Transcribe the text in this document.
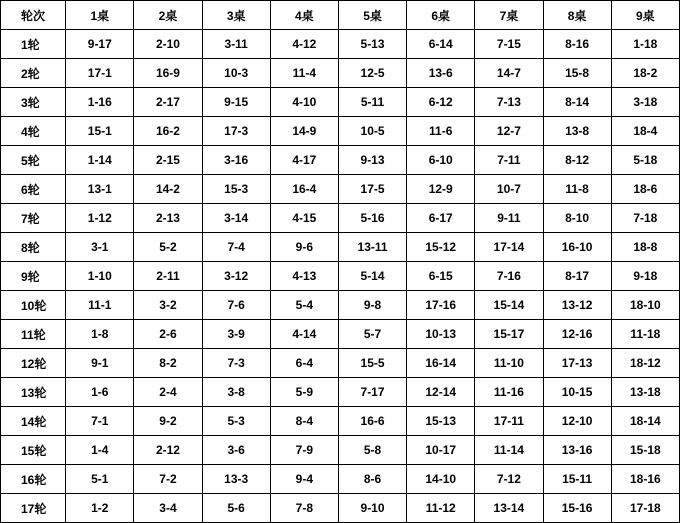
轮次	1桌	2桌	3桌	4桌	5桌	6桌	7桌	8桌	9桌
1轮	9-17	2-10	3-11	4-12	5-13	6-14	7-15	8-16	1-18
2轮	17-1	16-9	10-3	11-4	12-5	13-6	14-7	15-8	18-2
3轮	1-16	2-17	9-15	4-10	5-11	6-12	7-13	8-14	3-18
4轮	15-1	16-2	17-3	14-9	10-5	11-6	12-7	13-8	18-4
5轮	1-14	2-15	3-16	4-17	9-13	6-10	7-11	8-12	5-18
6轮	13-1	14-2	15-3	16-4	17-5	12-9	10-7	11-8	18-6
7轮	1-12	2-13	3-14	4-15	5-16	6-17	9-11	8-10	7-18
8轮	3-1	5-2	7-4	9-6	13-11	15-12	17-14	16-10	18-8
9轮	1-10	2-11	3-12	4-13	5-14	6-15	7-16	8-17	9-18
10轮	11-1	3-2	7-6	5-4	9-8	17-16	15-14	13-12	18-10
11轮	1-8	2-6	3-9	4-14	5-7	10-13	15-17	12-16	11-18
12轮	9-1	8-2	7-3	6-4	15-5	16-14	11-10	17-13	18-12
13轮	1-6	2-4	3-8	5-9	7-17	12-14	11-16	10-15	13-18
14轮	7-1	9-2	5-3	8-4	16-6	15-13	17-11	12-10	18-14
15轮	1-4	2-12	3-6	7-9	5-8	10-17	11-14	13-16	15-18
16轮	5-1	7-2	13-3	9-4	8-6	14-10	7-12	15-11	18-16
17轮	1-2	3-4	5-6	7-8	9-10	11-12	13-14	15-16	17-18
